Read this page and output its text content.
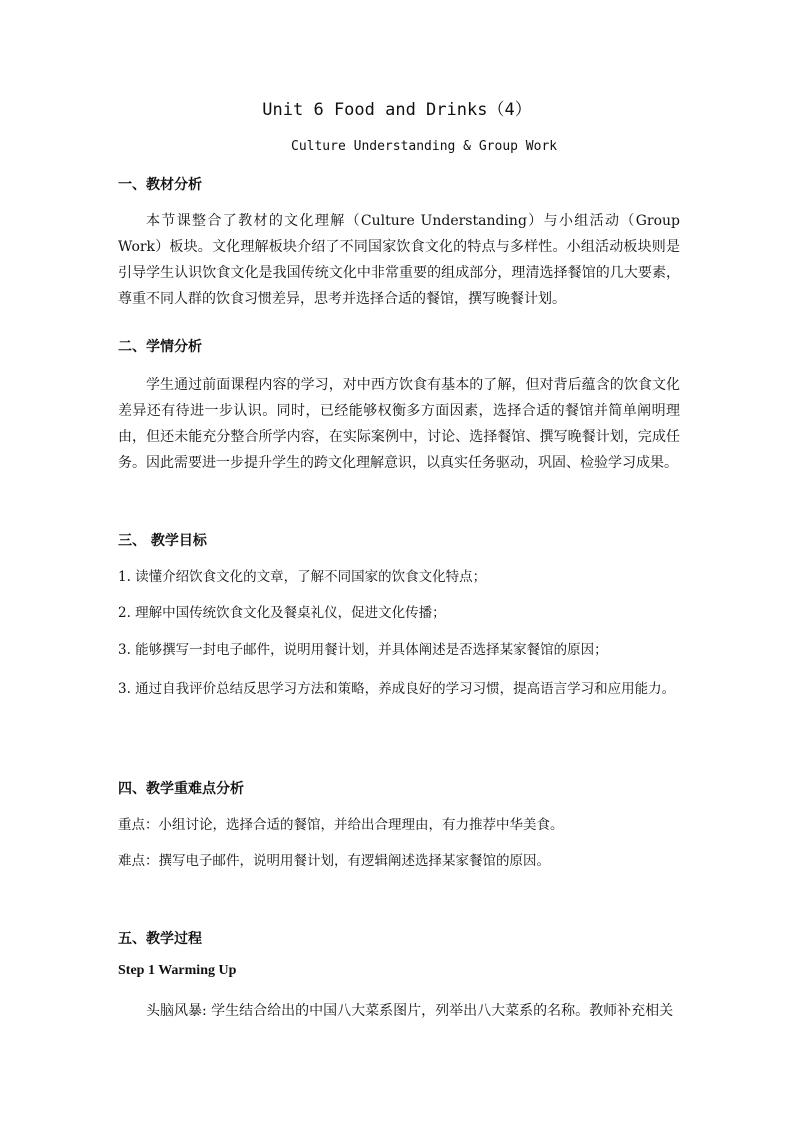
Unit 6 Food and Drinks（4）

Culture Understanding & Group Work

一、教材分析

本节课整合了教材的文化理解（Culture Understanding）与小组活动（Group Work）板块。文化理解板块介绍了不同国家饮食文化的特点与多样性。小组活动板块则是引导学生认识饮食文化是我国传统文化中非常重要的组成部分，理清选择餐馆的几大要素，尊重不同人群的饮食习惯差异，思考并选择合适的餐馆，撰写晚餐计划。

二、学情分析

学生通过前面课程内容的学习，对中西方饮食有基本的了解，但对背后蕴含的饮食文化差异还有待进一步认识。同时，已经能够权衡多方面因素，选择合适的餐馆并简单阐明理由，但还未能充分整合所学内容，在实际案例中，讨论、选择餐馆、撰写晚餐计划，完成任务。因此需要进一步提升学生的跨文化理解意识，以真实任务驱动，巩固、检验学习成果。

三、 教学目标

1. 读懂介绍饮食文化的文章，了解不同国家的饮食文化特点；

2. 理解中国传统饮食文化及餐桌礼仪，促进文化传播；

3. 能够撰写一封电子邮件，说明用餐计划，并具体阐述是否选择某家餐馆的原因；

3. 通过自我评价总结反思学习方法和策略，养成良好的学习习惯，提高语言学习和应用能力。

四、教学重难点分析

重点：小组讨论，选择合适的餐馆，并给出合理理由，有力推荐中华美食。

难点：撰写电子邮件，说明用餐计划，有逻辑阐述选择某家餐馆的原因。

五、教学过程

Step 1 Warming Up

头脑风暴: 学生结合给出的中国八大菜系图片，列举出八大菜系的名称。教师补充相关
